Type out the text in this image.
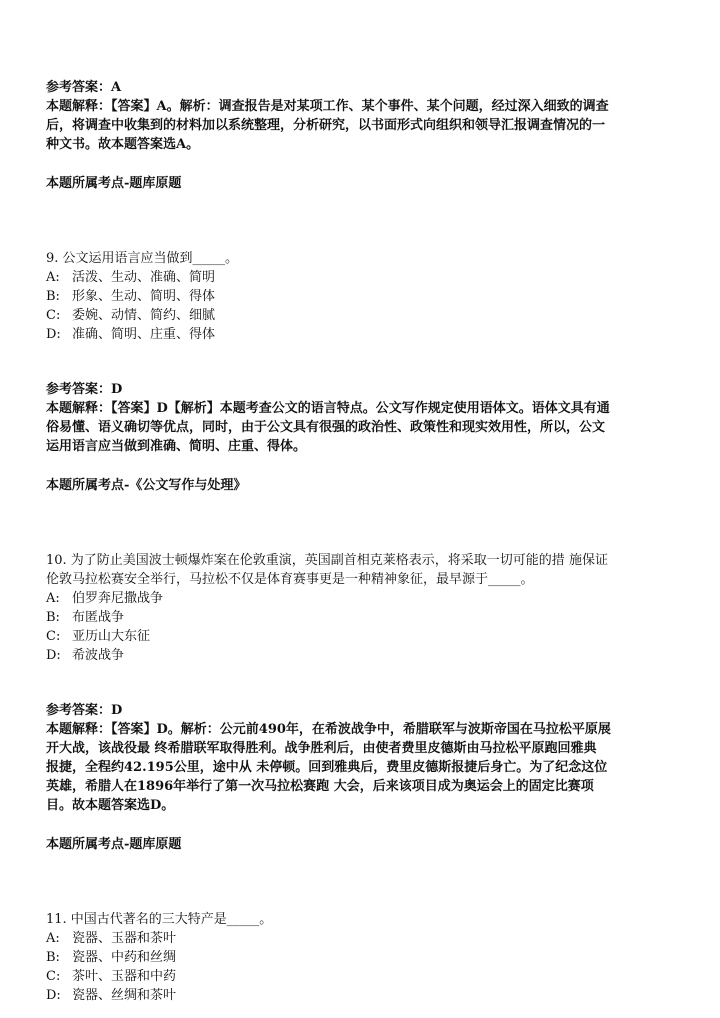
参考答案：A
本题解释：【答案】A。解析：调查报告是对某项工作、某个事件、某个问题，经过深入细致的调查
后，将调查中收集到的材料加以系统整理，分析研究，以书面形式向组织和领导汇报调查情况的一
种文书。故本题答案选A。
本题所属考点-题库原题
9. 公文运用语言应当做到_____。
A: 活泼、生动、准确、简明
B: 形象、生动、简明、得体
C: 委婉、动情、简约、细腻
D: 准确、简明、庄重、得体
参考答案：D
本题解释：【答案】D【解析】本题考查公文的语言特点。公文写作规定使用语体文。语体文具有通
俗易懂、语义确切等优点，同时，由于公文具有很强的政治性、政策性和现实效用性，所以，公文
运用语言应当做到准确、简明、庄重、得体。
本题所属考点-《公文写作与处理》
10. 为了防止美国波士顿爆炸案在伦敦重演，英国副首相克莱格表示，将采取一切可能的措 施保证
伦敦马拉松赛安全举行，马拉松不仅是体育赛事更是一种精神象征，最早源于_____。
A: 伯罗奔尼撒战争
B: 布匿战争
C: 亚历山大东征
D: 希波战争
参考答案：D
本题解释：【答案】D。解析：公元前490年，在希波战争中，希腊联军与波斯帝国在马拉松平原展
开大战，该战役最 终希腊联军取得胜利。战争胜利后，由使者费里皮德斯由马拉松平原跑回雅典
报捷，全程约42.195公里，途中从 未停顿。回到雅典后，费里皮德斯报捷后身亡。为了纪念这位
英雄，希腊人在1896年举行了第一次马拉松赛跑 大会，后来该项目成为奥运会上的固定比赛项
目。故本题答案选D。
本题所属考点-题库原题
11. 中国古代著名的三大特产是_____。
A: 瓷器、玉器和茶叶
B: 瓷器、中药和丝绸
C: 茶叶、玉器和中药
D: 瓷器、丝绸和茶叶
